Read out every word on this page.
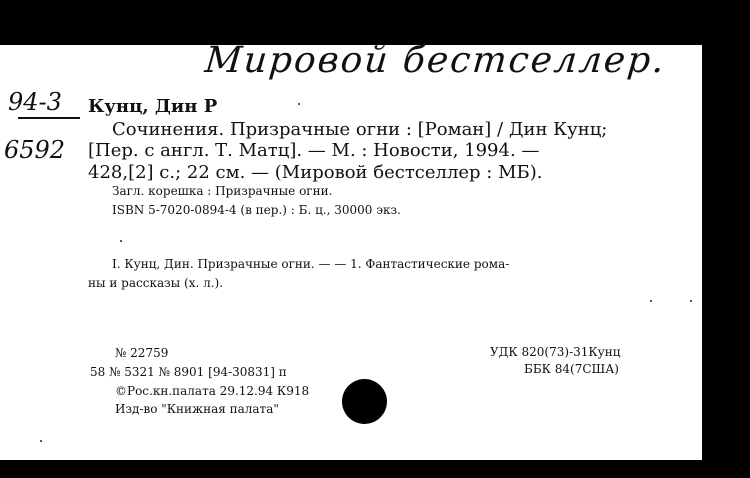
Мировой бестселлер.
94-3
6592
Кунц, Дин Р
Сочинения. Призрачные огни : [Роман] / Дин Кунц;
[Пер. с англ. Т. Матц]. — М. : Новости, 1994. —
428,[2] с.; 22 см. — (Мировой бестселлер : МБ).
Загл. корешка : Призрачные огни.
ISBN 5-7020-0894-4 (в пер.) : Б. ц., 30000 экз.
I. Кунц, Дин. Призрачные огни. — — 1. Фантастические рома-
ны и рассказы (х. л.).
№ 22759
58 № 5321 № 8901 [94-30831] п
©Рос.кн.палата 29.12.94 К918
Изд-во "Книжная палата"
УДК 820(73)-31Кунц
ББК 84(7США)
